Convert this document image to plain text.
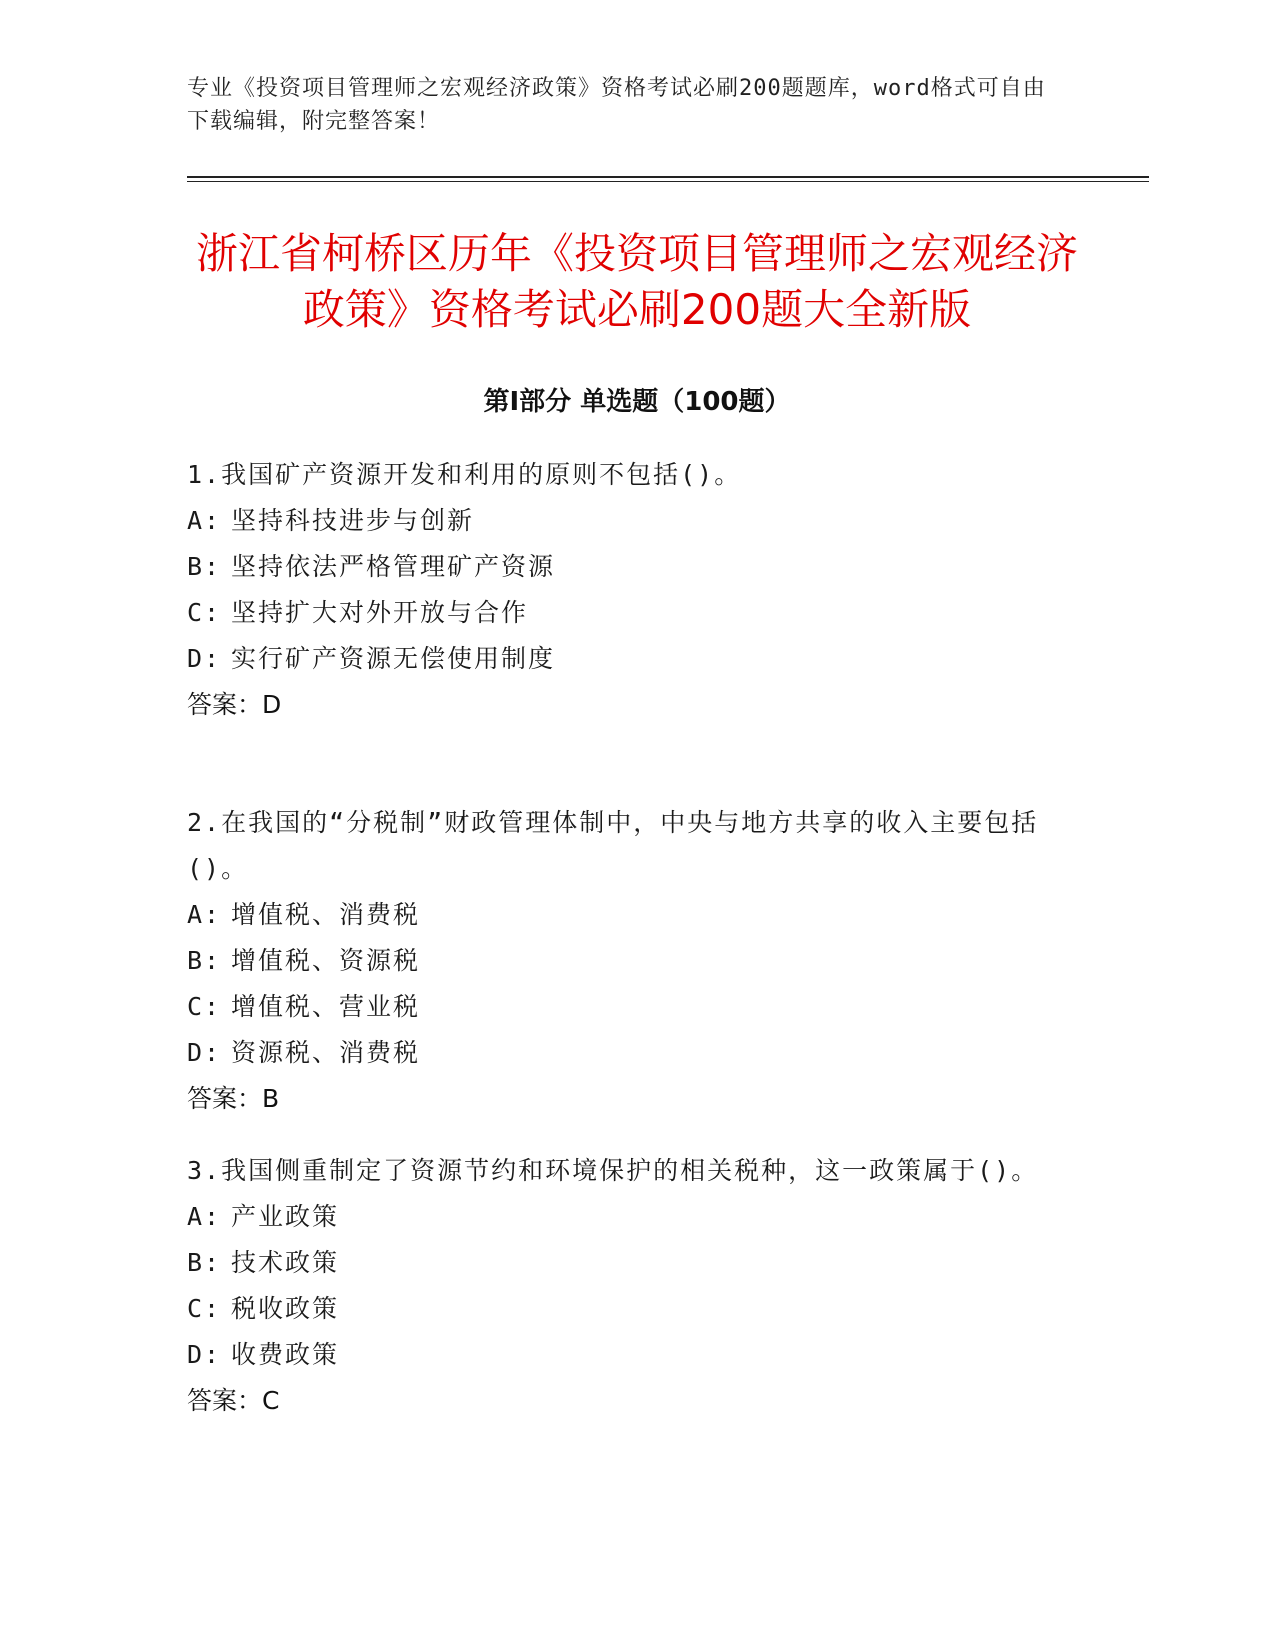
专业《投资项目管理师之宏观经济政策》资格考试必刷200题题库，word格式可自由下载编辑，附完整答案！
浙江省柯桥区历年《投资项目管理师之宏观经济政策》资格考试必刷200题大全新版
第I部分 单选题（100题）

1.我国矿产资源开发和利用的原则不包括()。

A: 坚持科技进步与创新

B: 坚持依法严格管理矿产资源

C: 坚持扩大对外开放与合作

D: 实行矿产资源无偿使用制度

答案：D

2.在我国的“分税制”财政管理体制中，中央与地方共享的收入主要包括()。

A: 增值税、消费税

B: 增值税、资源税

C: 增值税、营业税

D: 资源税、消费税

答案：B

3.我国侧重制定了资源节约和环境保护的相关税种，这一政策属于()。

A: 产业政策

B: 技术政策

C: 税收政策

D: 收费政策

答案：C
